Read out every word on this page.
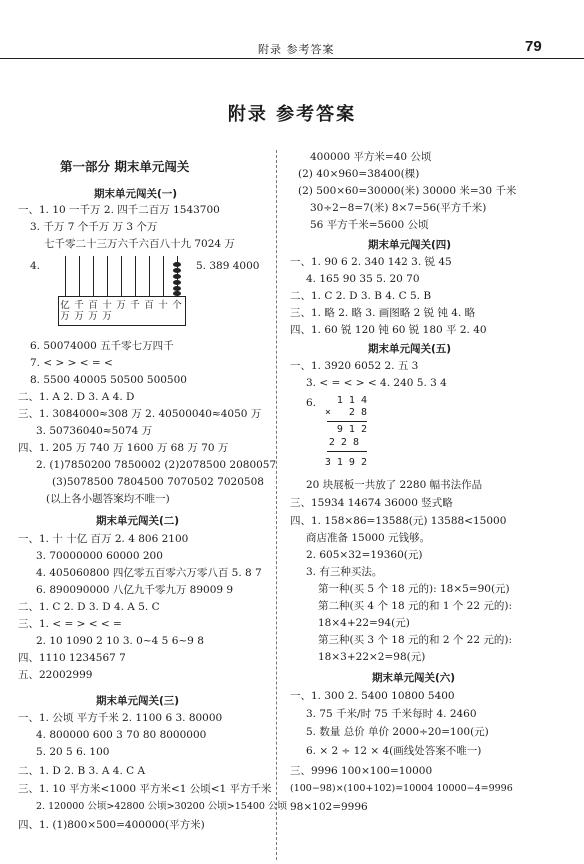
附录 参考答案	79
附录 参考答案
第一部分 期末单元闯关
期末单元闯关(一)
一、1. 10 一千万 2. 四千二百万 1543700
3. 千万 7 个千万 万 3 个万
七千零二十三万六千六百八十九 7024 万
4.
亿万
千万
百万
十万
万 千 百 十 个
5. 389 4000
6. 50074000 五千零七万四千
7. < > > < = <
8. 5500 40005 50500 500500
二、1. A 2. D 3. A 4. D
三、1. 3084000≈308 万 2. 40500040≈4050 万
3. 50736040≈5074 万
四、1. 205 万 740 万 1600 万 68 万 70 万
2. (1)7850200 7850002 (2)2078500 2080057
(3)5078500 7804500 7070502 7020508
(以上各小题答案均不唯一)
期末单元闯关(二)
一、1. 十 十亿 百万 2. 4 806 2100
3. 70000000 60000 200
4. 405060800 四亿零五百零六万零八百 5. 8 7
6. 890090000 八亿九千零九万 89009 9
二、1. C 2. D 3. D 4. A 5. C
三、1. < = > < < =
2. 10 1090 2 10 3. 0~4 5 6~9 8
四、1110 1234567 7
五、22002999
期末单元闯关(三)
一、1. 公顷 平方千米 2. 1100 6 3. 80000
4. 800000 600 3 70 80 8000000
5. 20 5 6. 100
二、1. D 2. B 3. A 4. C A
三、1. 10 平方米<1000 平方米<1 公顷<1 平方千米
2. 120000 公顷>42800 公顷>30200 公顷>15400 公顷
四、1. (1)800×500=400000(平方米)
400000 平方米=40 公顷
(2) 40×960=38400(棵)
(2) 500×60=30000(米) 30000 米=30 千米
30÷2−8=7(米) 8×7=56(平方千米)
56 平方千米=5600 公顷
期末单元闯关(四)
一、1. 90 6 2. 340 142 3. 锐 45
4. 165 90 35 5. 20 70
二、1. C 2. D 3. B 4. C 5. B
三、1. 略 2. 略 3. 画图略 2 锐 钝 4. 略
四、1. 60 锐 120 钝 60 锐 180 平 2. 40
期末单元闯关(五)
一、1. 3920 6052 2. 五 3
3. < = < > < 4. 240 5. 3 4
6. 1 1 4
×   2 8
9 1 2
2 2 8
3 1 9 2
20 块展板一共放了 2280 幅书法作品
三、15934 14674 36000 竖式略
四、1. 158×86=13588(元) 13588<15000
商店准备 15000 元钱够。
2. 605×32=19360(元)
3. 有三种买法。
第一种(买 5 个 18 元的): 18×5=90(元)
第二种(买 4 个 18 元的和 1 个 22 元的):
18×4+22=94(元)
第三种(买 3 个 18 元的和 2 个 22 元的):
18×3+22×2=98(元)
期末单元闯关(六)
一、1. 300 2. 5400 10800 5400
3. 75 千米/时 75 千米每时 4. 2460
5. 数量 总价 单价 2000÷20=100(元)
6. × 2 ÷ 12 × 4(画线处答案不唯一)
三、9996 100×100=10000
(100−98)×(100+102)=10004 10000−4=9996
98×102=9996
